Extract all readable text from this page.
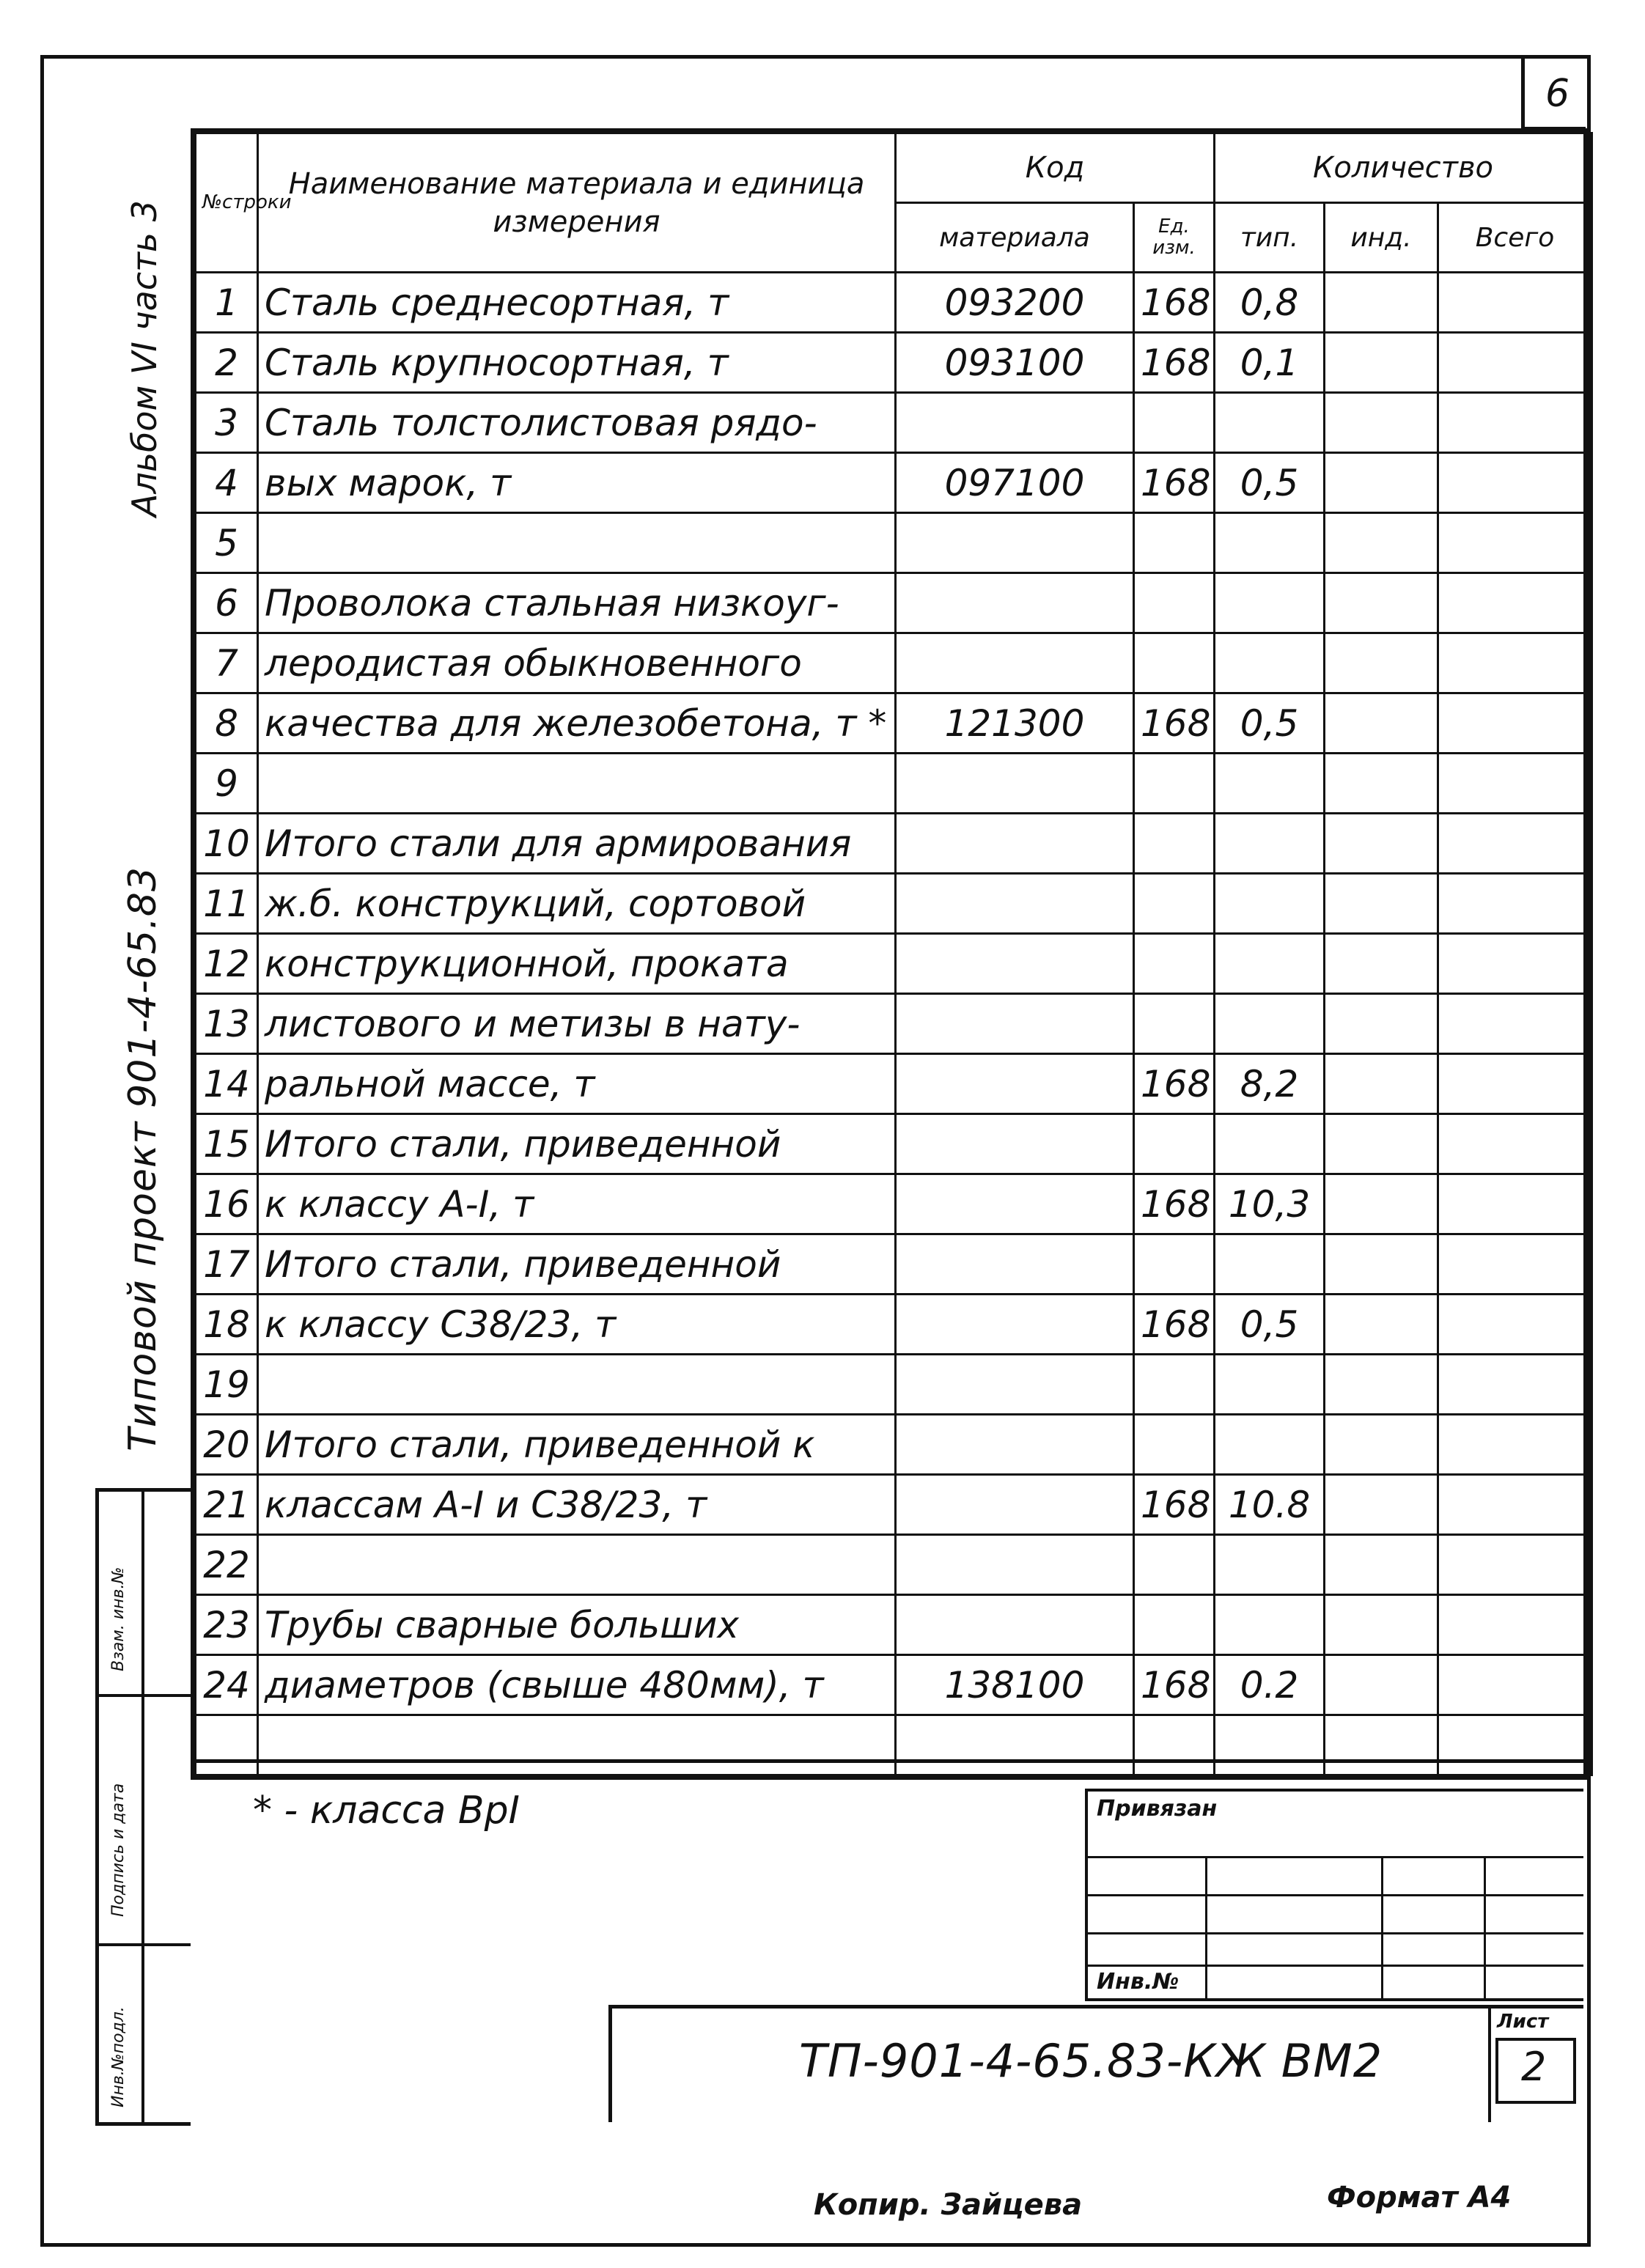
6
Альбом VI часть 3
Типовой проект 901-4-65.83
Взам. инв.№
Подпись и дата
Инв.№подл.
№строки	Наименование материала и единица измерения	Код		Количество		
		материала	Ед. изм.	тип.	инд.	Всего
1	Сталь среднесортная, т	093200	168	0,8		
2	Сталь крупносортная, т	093100	168	0,1		
3	Сталь толстолистовая рядо-					
4	вых марок, т	097100	168	0,5		
5						
6	Проволока стальная низкоуг-					
7	леродистая обыкновенного					
8	качества для железобетона, т *	121300	168	0,5		
9						
10	Итого стали для армирования					
11	ж.б. конструкций, сортовой					
12	конструкционной, проката					
13	листового и метизы в нату-					
14	ральной массе, т		168	8,2		
15	Итого стали, приведенной					
16	к классу А-I, т		168	10,3		
17	Итого стали, приведенной					
18	к классу С38/23, т		168	0,5		
19						
20	Итого стали, приведенной к					
21	классам А-I и С38/23, т		168	10.8		
22						
23	Трубы сварные больших					
24	диаметров (свыше 480мм), т	138100	168	0.2		

* - класса ВрI	Привязан
Инв.№
ТП-901-4-65.83-КЖ ВМ2
Лист
2
Копир. Зайцева	Формат А4
